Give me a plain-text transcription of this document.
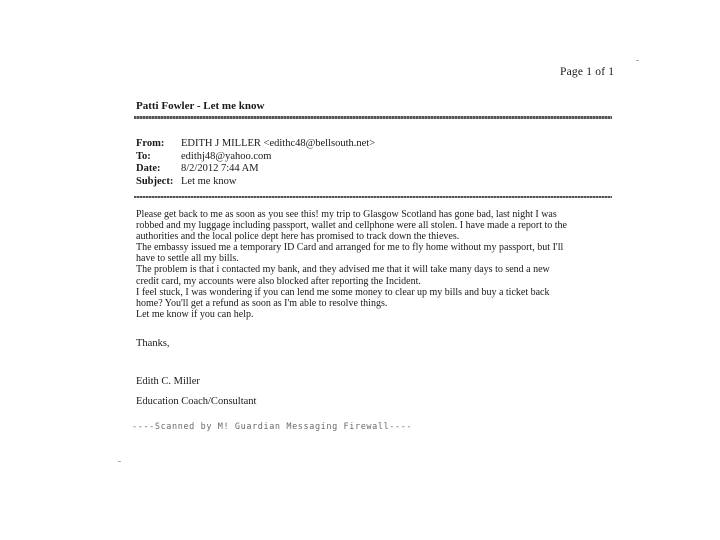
Page 1 of 1
Patti Fowler - Let me know
From:	EDITH J MILLER <edithc48@bellsouth.net>
To:	edithj48@yahoo.com
Date:	8/2/2012 7:44 AM
Subject: Let me know

Please get back to me as soon as you see this! my trip to Glasgow Scotland has gone bad, last night I was

robbed and my luggage including passport, wallet and cellphone were all stolen. I have made a report to the

authorities and the local police dept here has promised to track down the thieves.

The embassy issued me a temporary ID Card and arranged for me to fly home without my passport, but I'll

have to settle all my bills.

The problem is that i contacted my bank, and they advised me that it will take many days to send a new

credit card, my accounts were also blocked after reporting the Incident.

I feel stuck, I was wondering if you can lend me some money to clear up my bills and buy a ticket back

home? You'll get a refund as soon as I'm able to resolve things.

Let me know if you can help.

Thanks,
Edith C. Miller
Education Coach/Consultant
----Scanned by M! Guardian Messaging Firewall----
